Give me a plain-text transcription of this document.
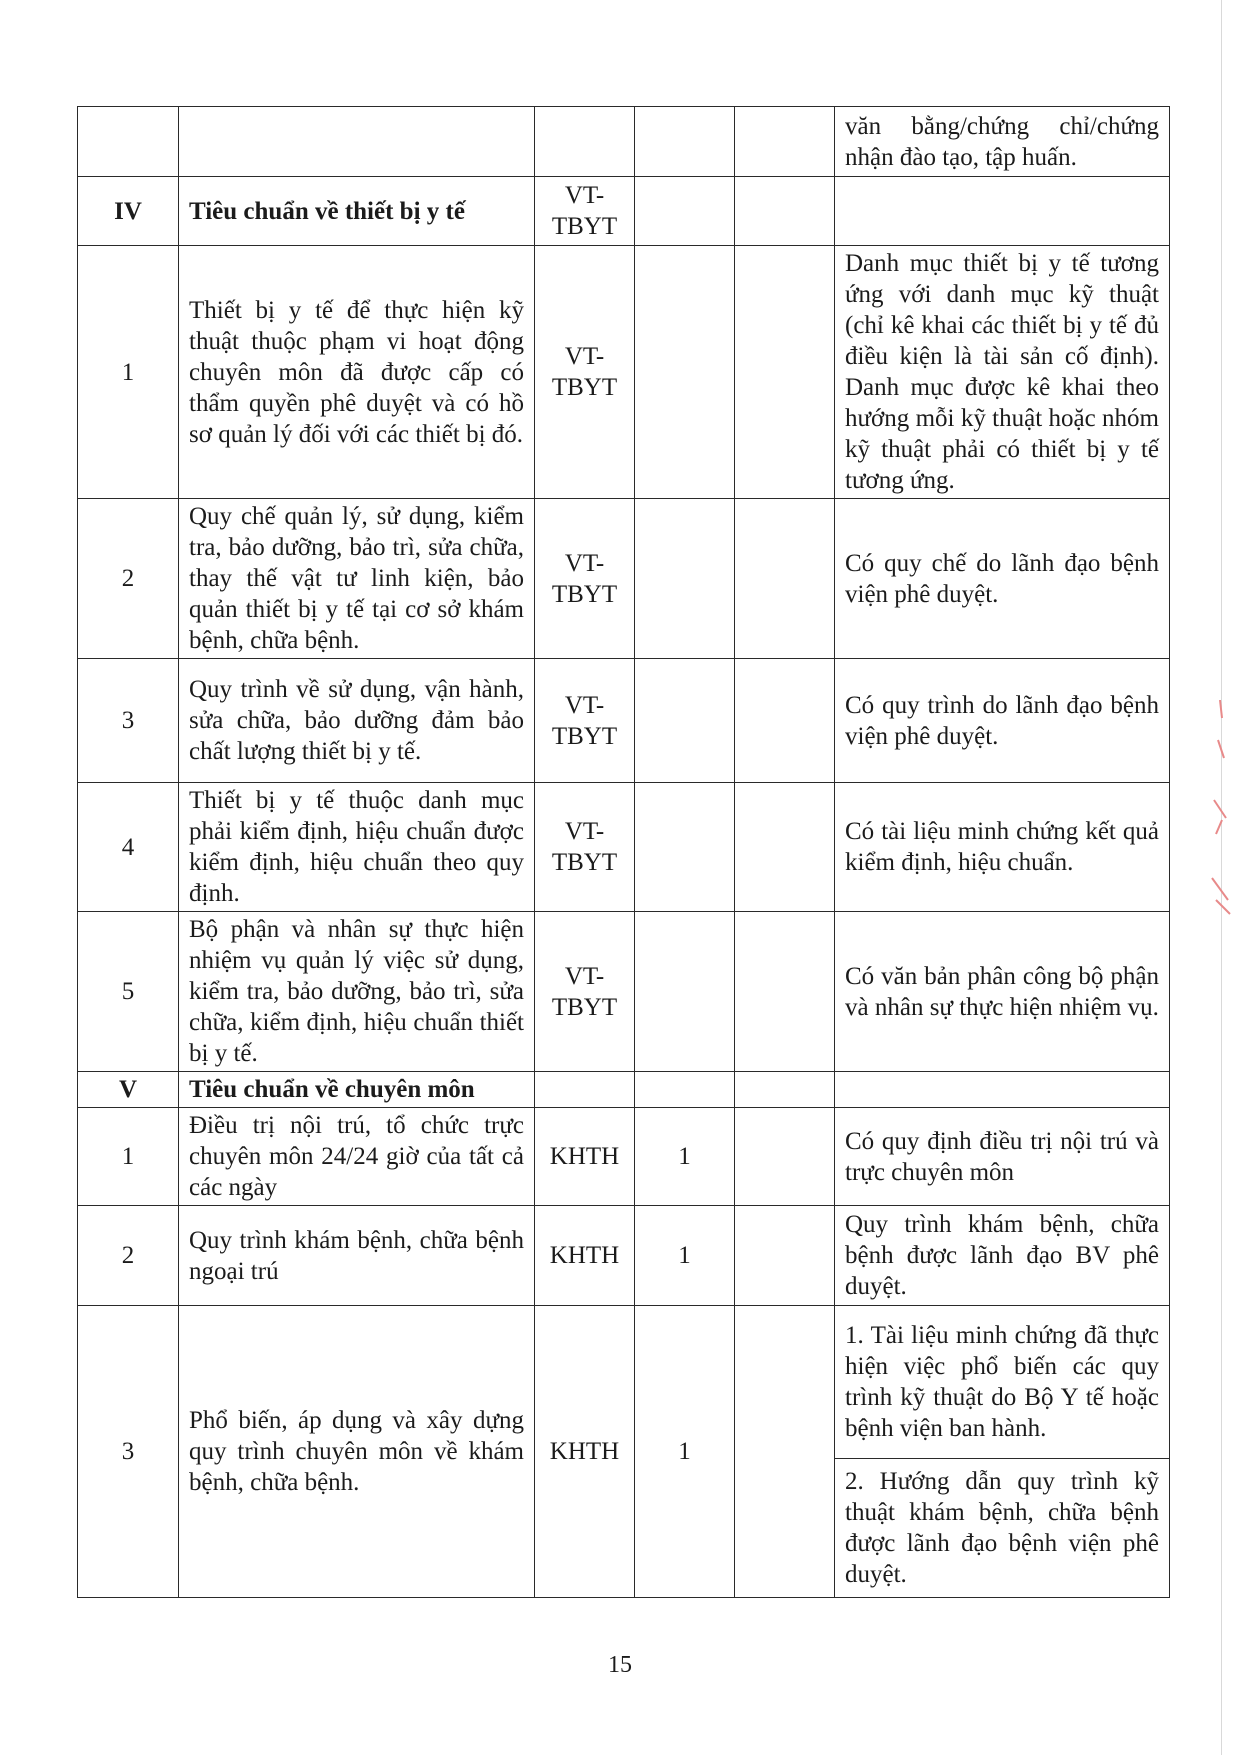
					văn bằng/chứng chỉ/chứng nhận đào tạo, tập huấn.
IV	Tiêu chuẩn về thiết bị y tế	VT-TBYT			
1	Thiết bị y tế để thực hiện kỹ thuật thuộc phạm vi hoạt động chuyên môn đã được cấp có thẩm quyền phê duyệt và có hồ sơ quản lý đối với các thiết bị đó.	VT-TBYT			Danh mục thiết bị y tế tương ứng với danh mục kỹ thuật (chỉ kê khai các thiết bị y tế đủ điều kiện là tài sản cố định). Danh mục được kê khai theo hướng mỗi kỹ thuật hoặc nhóm kỹ thuật phải có thiết bị y tế tương ứng.
2	Quy chế quản lý, sử dụng, kiểm tra, bảo dưỡng, bảo trì, sửa chữa, thay thế vật tư linh kiện, bảo quản thiết bị y tế tại cơ sở khám bệnh, chữa bệnh.	VT-TBYT			Có quy chế do lãnh đạo bệnh viện phê duyệt.
3	Quy trình về sử dụng, vận hành, sửa chữa, bảo dưỡng đảm bảo chất lượng thiết bị y tế.	VT-TBYT			Có quy trình do lãnh đạo bệnh viện phê duyệt.
4	Thiết bị y tế thuộc danh mục phải kiểm định, hiệu chuẩn được kiểm định, hiệu chuẩn theo quy định.	VT-TBYT			Có tài liệu minh chứng kết quả kiểm định, hiệu chuẩn.
5	Bộ phận và nhân sự thực hiện nhiệm vụ quản lý việc sử dụng, kiểm tra, bảo dưỡng, bảo trì, sửa chữa, kiểm định, hiệu chuẩn thiết bị y tế.	VT-TBYT			Có văn bản phân công bộ phận và nhân sự thực hiện nhiệm vụ.
V	Tiêu chuẩn về chuyên môn				
1	Điều trị nội trú, tổ chức trực chuyên môn 24/24 giờ của tất cả các ngày	KHTH	1		Có quy định điều trị nội trú và trực chuyên môn
2	Quy trình khám bệnh, chữa bệnh ngoại trú	KHTH	1		Quy trình khám bệnh, chữa bệnh được lãnh đạo BV phê duyệt.
3	Phổ biến, áp dụng và xây dựng quy trình chuyên môn về khám bệnh, chữa bệnh.	KHTH	1		1. Tài liệu minh chứng đã thực hiện việc phổ biến các quy trình kỹ thuật do Bộ Y tế hoặc bệnh viện ban hành.
					2. Hướng dẫn quy trình kỹ thuật khám bệnh, chữa bệnh được lãnh đạo bệnh viện phê duyệt.
15
